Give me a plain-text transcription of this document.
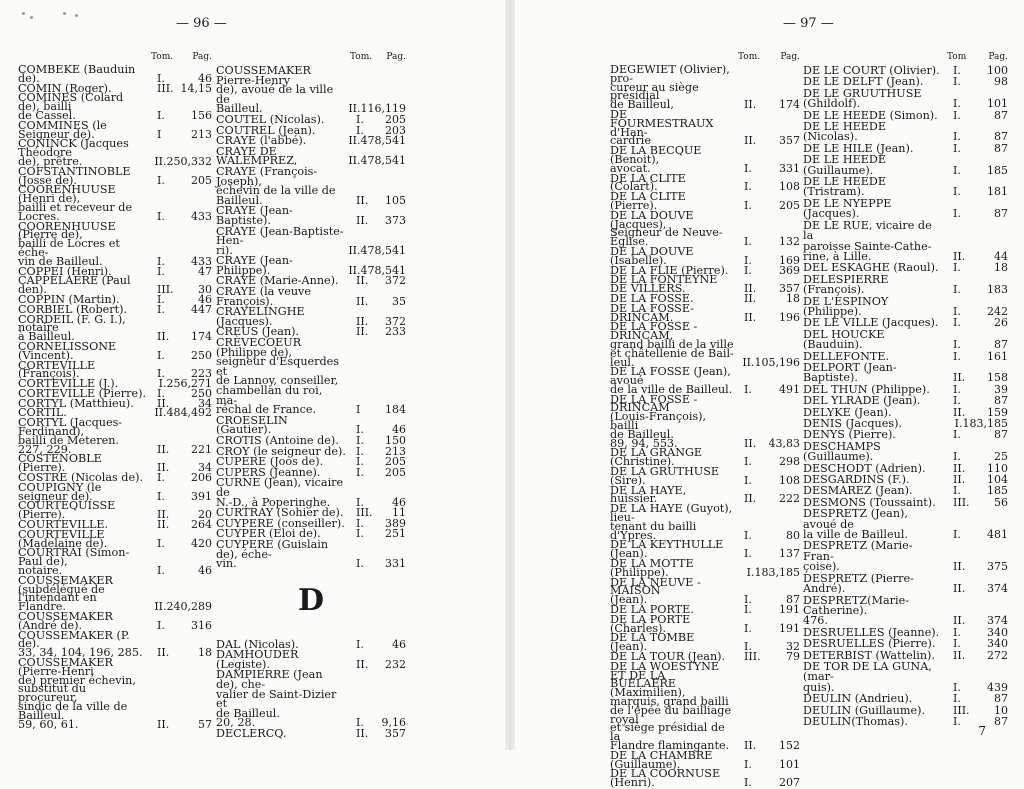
— 96 —
Tom. Pag.
COMBEKE (Bauduin de).	I.	46
COMIN (Roger).	III. 14,15
COMINES (Colard de), bailli
de Cassel.	I. 156
COMMINES (le Seigneur de).	I	213
CONINCK (Jacques Théodore
de), prêtre.	II.250,332
COFSTANTINOBLE (Josse de).	I. 205
COORENHUUSE (Henri de),
bailli et receveur de
Locres.	I. 433
COORENHUUSE (Pierre de),
bailli de Locres et éche-
vin de Bailleul.	I. 433
COPPEI (Henri).	I.	47
CAPPELAERE (Paul den).	III. 30
COPPIN (Martin).	I.	46
CORBIEL (Robert).	I. 447
CORDEIL (F. G. I.), notaire
à Bailleul.	II. 174
CORNELISSONE (Vincent).	I. 250
CORTEVILLE (François).	I. 223
CORTEVILLE (J.).	I.256,271
CORTEVILLE (Pierre). I. 250
CORTYL (Matthieu).	II.	34
CORTIL.	II.484,492
CORTYL (Jacques-Ferdinand),
bailli de Meteren.
227, 229.	II. 221
COSTENOBLE (Pierre).	II.	34
COSTRE (Nicolas de).	I. 206
COUPIGNY (le seigneur de).	I. 391
COURTEQUISSE (Pierre).	II.	20
COURTEVILLE.	II. 264
COURTEVILLE (Madelaine de).	I. 420
COURTRAI (Simon-Paul de),
notaire.	I.	46
COUSSEMAKER (subdélégué de
l'intendant en Flandre.	II.240,289
COUSSEMAKER (André de).	I. 316
COUSSEMAKER (P. de).
33, 34, 104, 196, 285.	II.	18
COUSSEMAKER (Pierre-Henri
de) premier échevin,
substitut du procureur,
sindic de la ville de
Bailleul.
59, 60, 61.	II.	57
Tom. Pag.
COUSSEMAKER Pierre-Henry
de), avoué de la ville de
Bailleul.	II.116,119
COUTEL (Nicolas).	I. 205
COUTREL (Jean).	I. 203
CRAYE (l'abbé).	II.478,541
CRAYE DE WALEMPREZ,	II.478,541
CRAYE (François-Joseph),
échevin de la ville de
Bailleul.	II. 105
CRAYE (Jean-Baptiste).	II. 373
CRAYE (Jean-Baptiste-Hen-
ri).	II.478,541
CRAYE (Jean-Philippe).	II.478,541
CRAYE (Marie-Anne).	II. 372
CRAYE (la veuve François).	II. 35
CRAYELINGHE (Jacques).	II. 372
CREUS (Jean).	II. 233
CRÈVECOEUR (Philippe de),
seigneur d'Esquerdes et
de Lannoy, conseiller,
chambellan du roi, ma-
réchal de France.	I 184
CROESELIN (Gautier).	I.	46
CROTIS (Antoine de).	I. 150
CROY (le seigneur de). I. 213
CUPERE (Joos de).	I. 205
CUPERS (Jeanne).	I. 205
CURNE (Jean), vicaire de
N.-D., à Poperinghe.	I.	46
CURTRAY (Sohier de). III. 11
CUYPERE (conseiller). I. 389
CUYPER (Eloi de).	I. 251
CUYPERE (Guislain de), éche-
vin.	I. 331
D
DAL (Nicolas).	I.	46
DAMHOUDER (Legiste).	II. 232
DAMPIERRE (Jean de), che-
valier de Saint-Dizier et
de Bailleul.
20, 28.	I. 9,16
DECLERCQ.	II. 357
— 97 —
Tom. Pag.
DEGEWIET (Olivier), pro-
cureur au siège présidial
de Bailleul,	II. 174
DE FOURMESTRAUX d'Han-
cardrie	II. 357
DE LA BECQUE (Benoit),
avocat.	I. 331
DE LA CLITE (Colart).	I. 108
DE LA CLITE (Pierre).	I. 205
DE LA DOUVE (Jacques),
Seigneur de Neuve-
Église.	I. 132
DE LA DOUVE (Isabelle).	I. 169
DE LA FLIE (Pierre).	I. 369
DE LA FONTEYNE DE VILLERS.	II. 357
DE LA FOSSE.	II.	18
DE LA FOSSE-DRINCAM.	II. 196
DE LA FOSSE - DRINCAM,
grand bailli de la ville
et châtellenie de Bail-
leul.	II.105,196
DE LA FOSSE (Jean), avoué
de la ville de Bailleul. I. 491
DE LA FOSSE - DRINCAM
(Louis-François), bailli
de Bailleul.
89, 94, 553.	II. 43,83
DE LA GRANGE (Christine).	I. 298
DE LA GRUTHUSE (Sire).	I. 108
DE LA HAYE, huissier.	II. 222
DE LA HAYE (Guyot), lieu-
tenant du bailli d'Ypres.	I.	80
DE LA KEYTHULLE (Jean).	I. 137
DE LA MOTTE (Philippe).	I.183,185
DE LA NEUVE - MAISON
(Jean).	I.	87
DE LA PORTE.	I. 191
DE LA PORTE (Charles).	I. 191
DE LA TOMBE (Jean).	I.	32
DE LA TOUR (Jean).	III. 79
DE LA WOESTYNE ET DE LA
BUELAERE (Maximilien),
marquis, grand bailli
de l'épée du bailliage royal
et siège présidial de la
Flandre flamingante.	II. 152
DE LA CHAMBRE (Guillaume).	I. 101
DE LA COORNUSE (Henri).	I. 207
Tom Pag.
DE LE COURT (Olivier). I. 100
DE LE DELFT (Jean).	I.	98
DE LE GRUUTHUSE (Ghildolf).	I. 101
DE LE HEEDE (Simon).	I.	87
DE LE HEEDE (Nicolas).	I.	87
DE LE HILE (Jean).	I.	87
DE LE HEEDE (Guillaume).	I. 185
DE LE HEEDE (Tristram).	I. 181
DE LE NYEPPE (Jacques).	I.	87
DE LE RUE, vicaire de la
paroisse Sainte-Cathe-
rine, à Lille.	II.	44
DEL ESKAGHE (Raoul).	I.	18
DELESPIERRE (François).	I. 183
DE L'ESPINOY (Philippe).	I. 242
DE LE VILLE (Jacques).	I.	26
DEL HOUCKE (Bauduin).	I.	87
DELLEFONTE.	I. 161
DELPORT (Jean-Baptiste).	II. 158
DEL THUN (Philippe).	I.	39
DEL YLRADE (Jean).	I.	87
DELYKE (Jean).	II. 159
DENIS (Jacques).	I.183,185
DENYS (Pierre).	I.	87
DESCHAMPS (Guillaume).	I.	25
DESCHODT (Adrien).	II. 110
DESGARDINS (F.).	II. 104
DESMAREZ (Jean).	I. 185
DESMONS (Toussaint).	III. 56
DESPRETZ (Jean), avoué de
la ville de Bailleul.	I. 481
DESPRETZ (Marie-Fran-
çoise).	II. 375
DESPRETZ (Pierre-André).	II. 374
DESPRETZ(Marie-Catherine).
476.	II. 374
DESRUELLES (Jeanne).	I. 340
DESRUELLES (Pierre).	I. 340
DETERBIST (Wattelin).	II. 272
DE TOR DE LA GUNA, (mar-
quis).	I. 439
DEULIN (Andrieu).	I.	87
DEULIN (Guillaume).	III. 10
DEULIN(Thomas).	I.	87
7
